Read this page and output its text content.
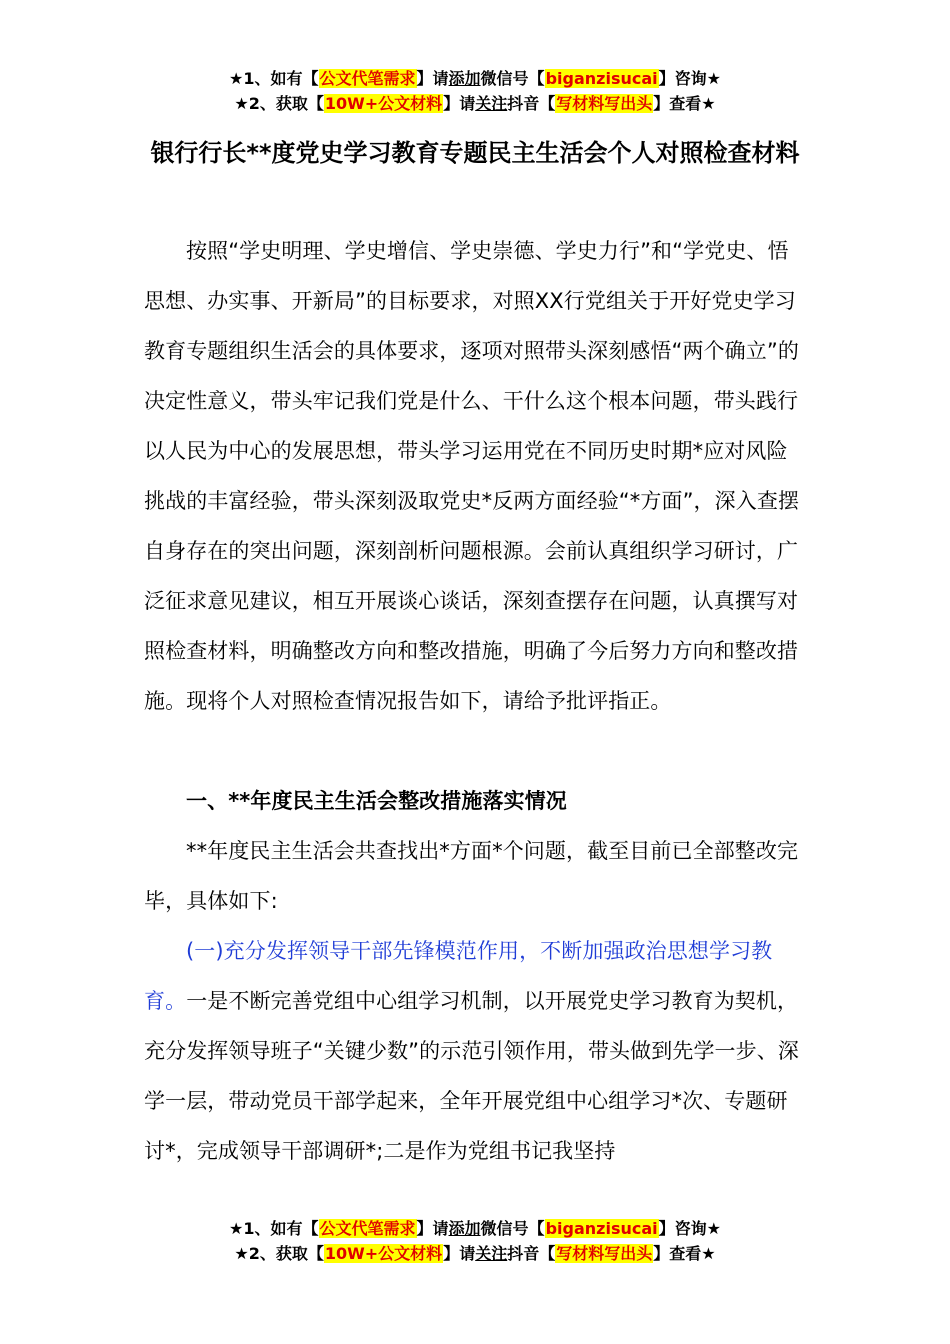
★1、如有【公文代笔需求】请添加微信号【biganzisucai】咨询★
★2、获取【10W+公文材料】请关注抖音【写材料写出头】查看★
银行行长**度党史学习教育专题民主生活会个人对照检查材料

按照“学史明理、学史增信、学史崇德、学史力行”和“学党史、悟思想、办实事、开新局”的目标要求，对照XX行党组关于开好党史学习教育专题组织生活会的具体要求，逐项对照带头深刻感悟“两个确立”的决定性意义，带头牢记我们党是什么、干什么这个根本问题，带头践行以人民为中心的发展思想，带头学习运用党在不同历史时期*应对风险挑战的丰富经验，带头深刻汲取党史*反两方面经验“*方面”，深入查摆自身存在的突出问题，深刻剖析问题根源。会前认真组织学习研讨，广泛征求意见建议，相互开展谈心谈话，深刻查摆存在问题，认真撰写对照检查材料，明确整改方向和整改措施，明确了今后努力方向和整改措施。现将个人对照检查情况报告如下，请给予批评指正。

一、**年度民主生活会整改措施落实情况

**年度民主生活会共查找出*方面*个问题，截至目前已全部整改完毕，具体如下:

(一)充分发挥领导干部先锋模范作用，不断加强政治思想学习教育。一是不断完善党组中心组学习机制，以开展党史学习教育为契机，充分发挥领导班子“关键少数”的示范引领作用，带头做到先学一步、深学一层，带动党员干部学起来，全年开展党组中心组学习*次、专题研讨*，完成领导干部调研*;二是作为党组书记我坚持

★1、如有【公文代笔需求】请添加微信号【biganzisucai】咨询★
★2、获取【10W+公文材料】请关注抖音【写材料写出头】查看★
